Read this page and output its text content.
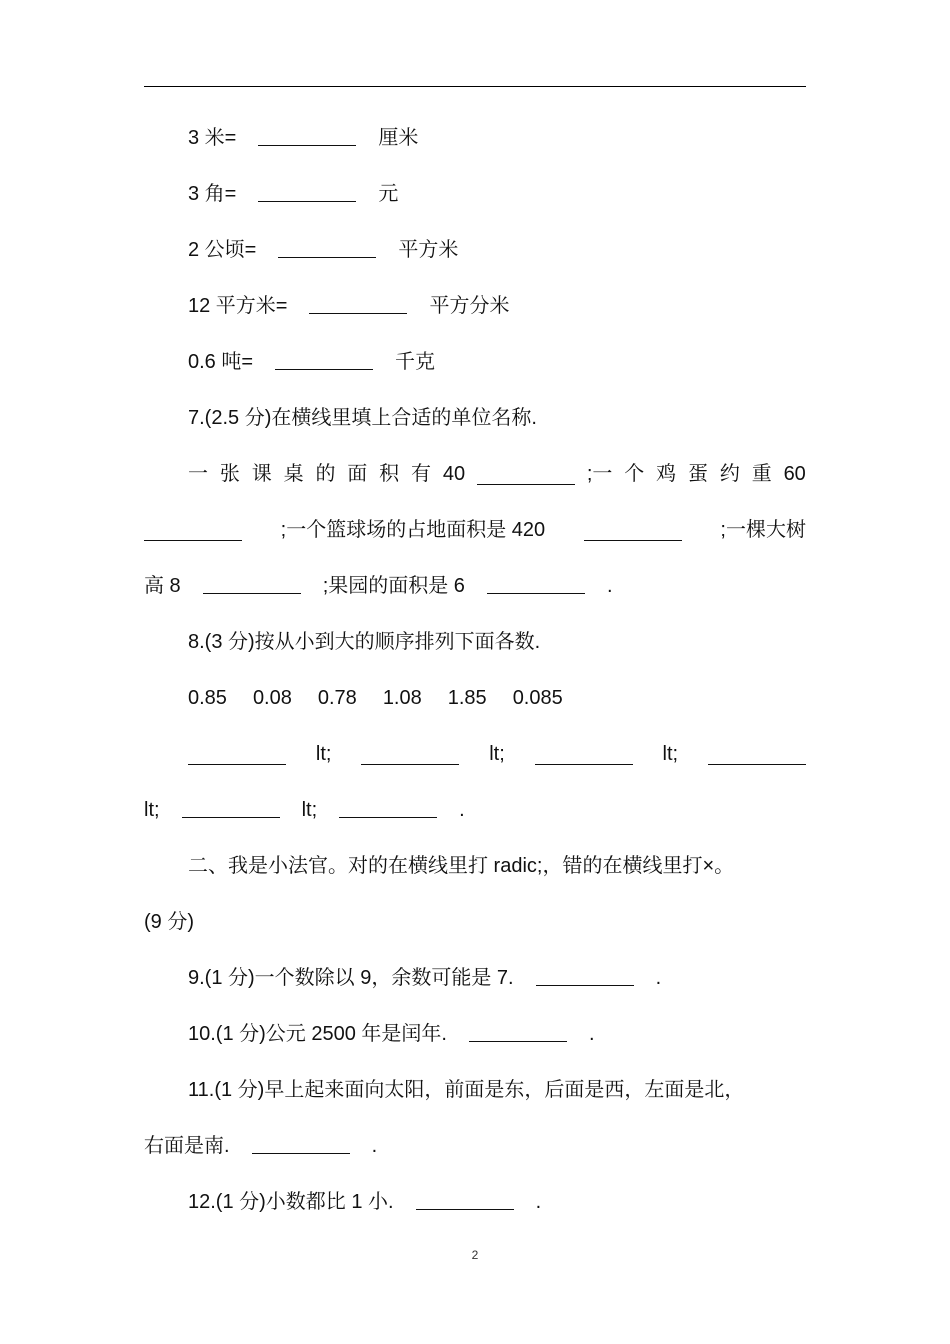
3 米=	厘米
3 角=	元
2 公顷=	平方米
12 平方米=	平方分米
0.6 吨=	千克
7.(2.5 分)在横线里填上合适的单位名称.
一 张 课 桌 的 面 积 有 40	;一 个 鸡 蛋 约 重 60
;一个篮球场的占地面积是 420	;一棵大树
高 8	;果园的面积是 6	.
8.(3 分)按从小到大的顺序排列下面各数.
0.85 0.08 0.78 1.08 1.85 0.085
lt;	lt;	lt;
lt;	lt;	.
二、我是小法官。对的在横线里打 radic;，错的在横线里打×。
(9 分)
9.(1 分)一个数除以 9，余数可能是 7.	.
10.(1 分)公元 2500 年是闰年.	.
11.(1 分)早上起来面向太阳，前面是东，后面是西，左面是北，
右面是南.	.
12.(1 分)小数都比 1 小.	.
2
